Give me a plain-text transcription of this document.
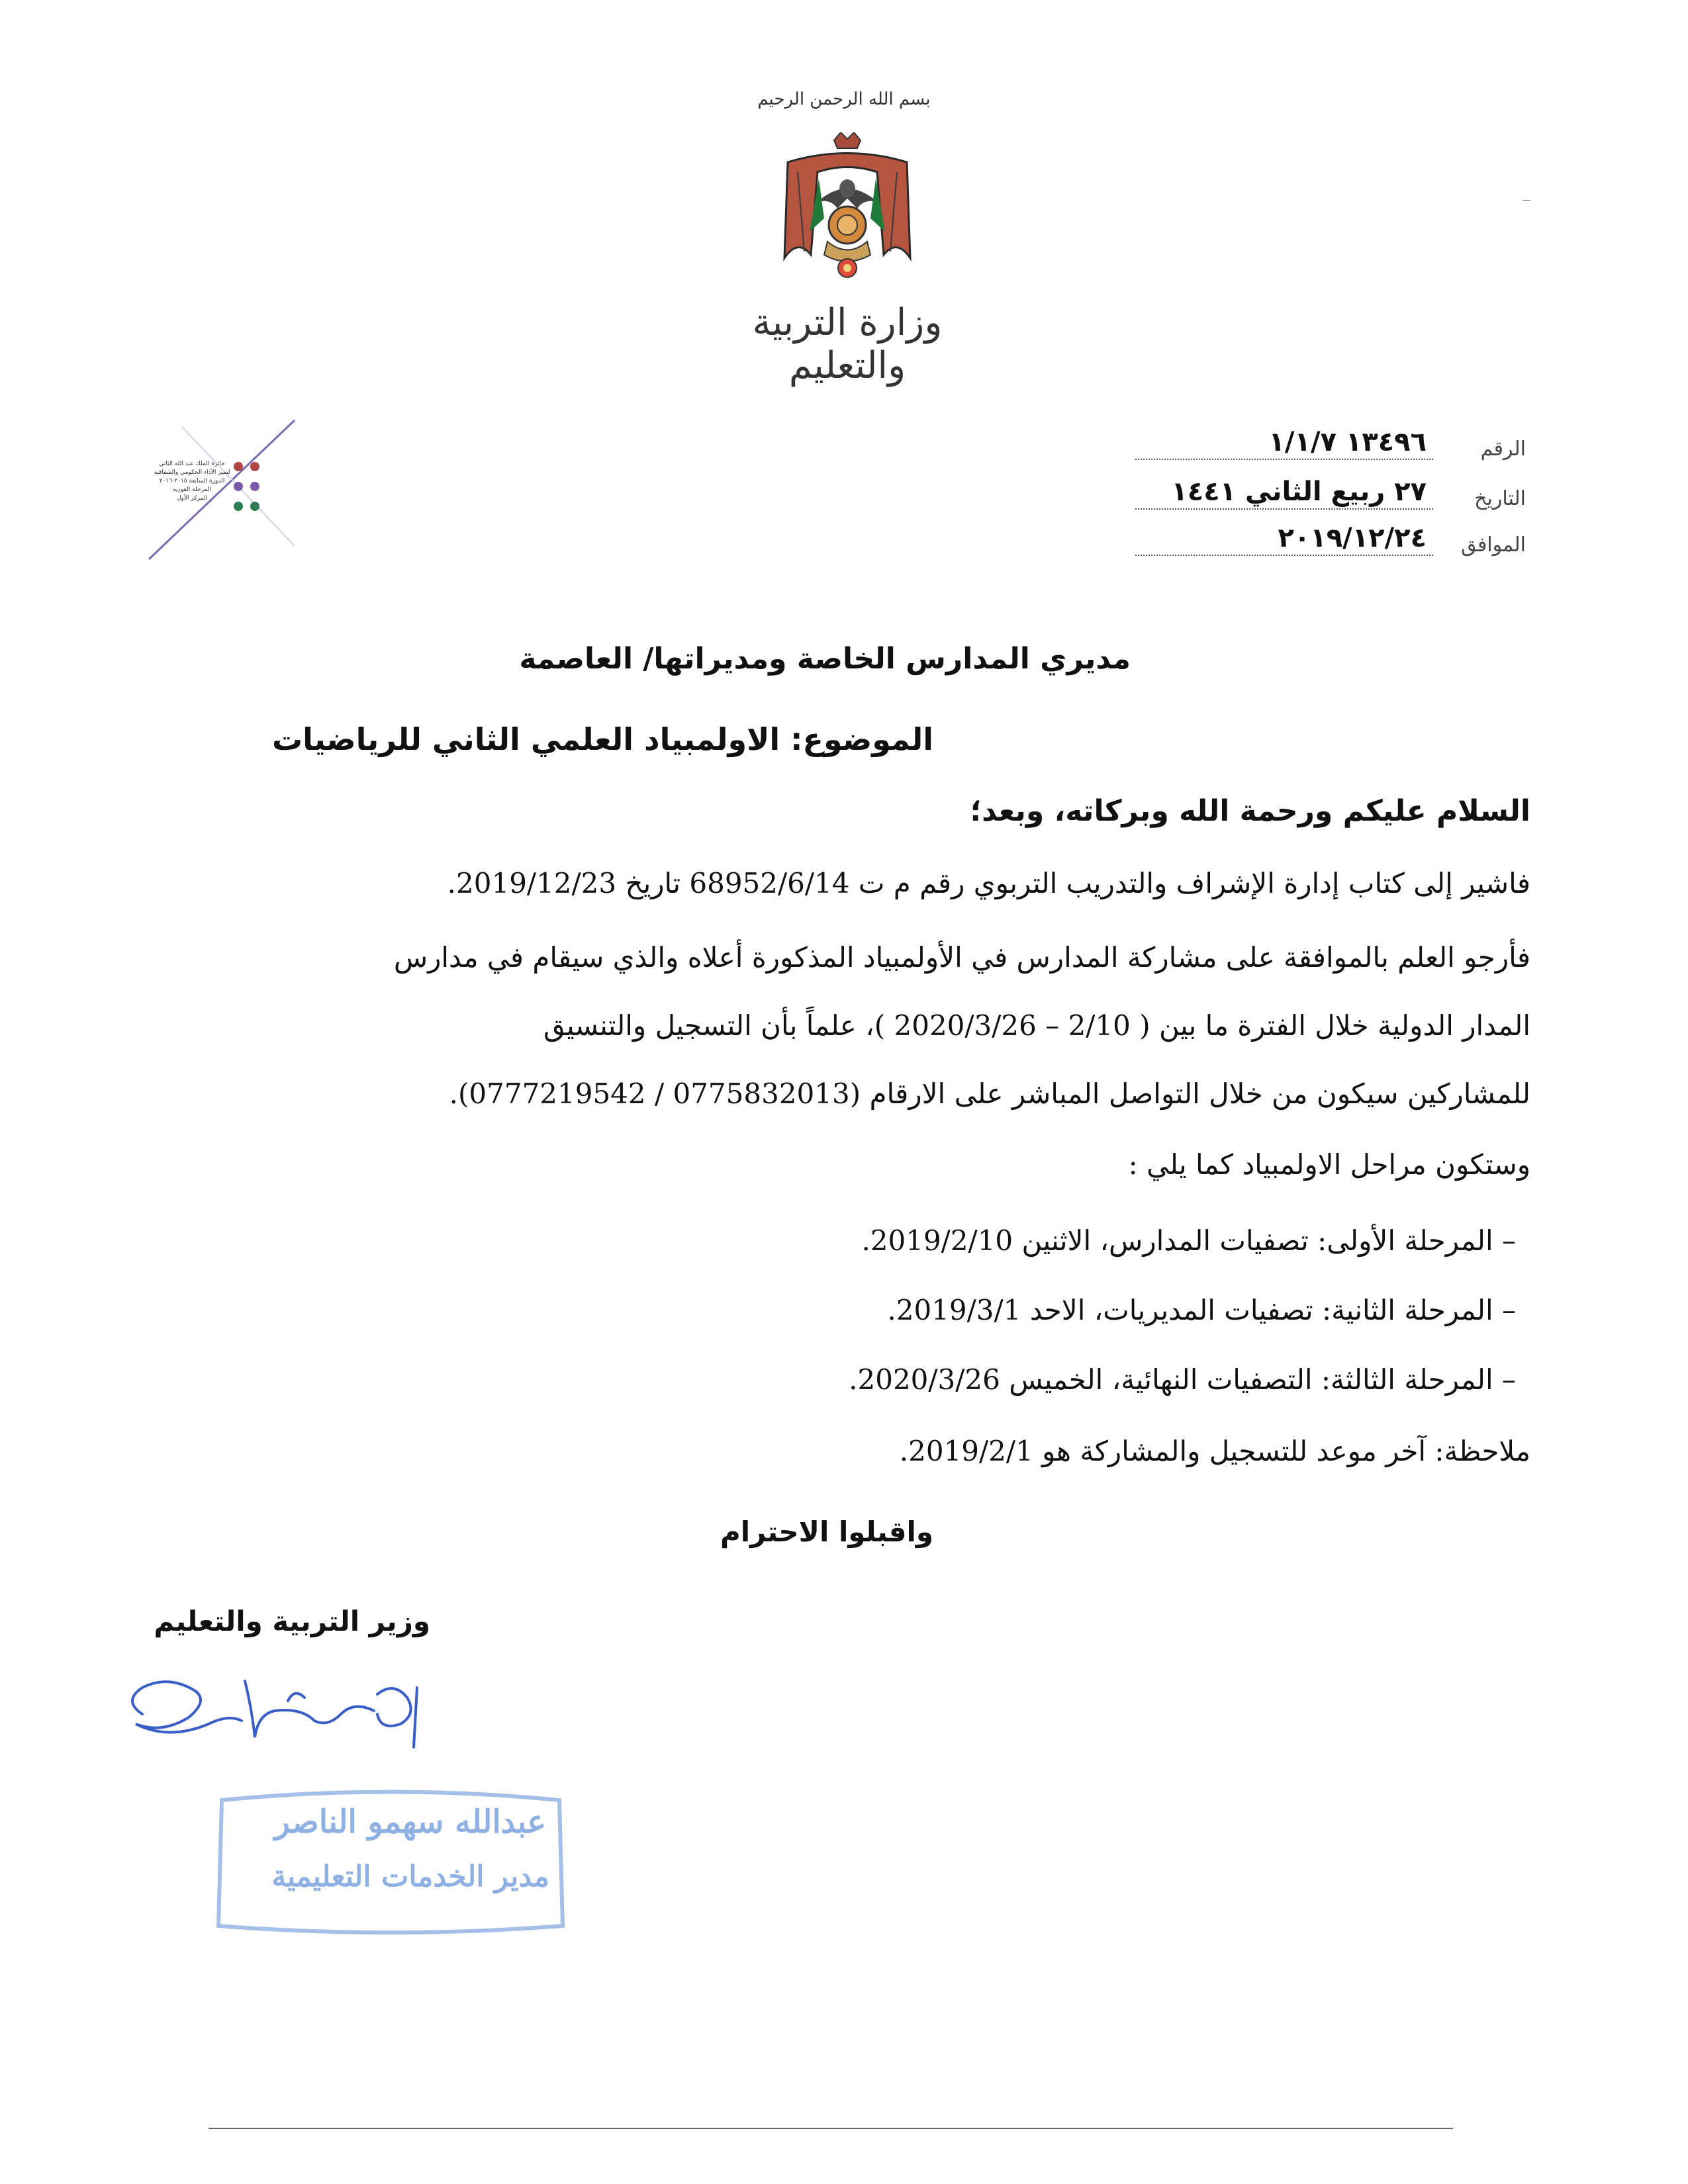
بسم الله الرحمن الرحيم
وزارة التربية والتعليم
جائزة الملك عبد الله الثاني
لتميز الأداء الحكومي والشفافية
الدورة السابعة ٢٠١٥-٢٠١٦
المرحلة الفوزية
المركز الأول
الرقم
١٣٤٩٦ ١/١/٧
التاريخ
٢٧ ربيع الثاني ١٤٤١
الموافق
٢٠١٩/١٢/٢٤
مديري المدارس الخاصة ومديراتها/ العاصمة
الموضوع: الاولمبياد العلمي الثاني للرياضيات
السلام عليكم ورحمة الله وبركاته، وبعد؛
فاشير إلى كتاب إدارة الإشراف والتدريب التربوي رقم م ت 68952/6/14 تاريخ 2019/12/23.
فأرجو العلم بالموافقة على مشاركة المدارس في الأولمبياد المذكورة أعلاه والذي سيقام في مدارس
المدار الدولية خلال الفترة ما بين ( 2/10 – 2020/3/26 )، علماً بأن التسجيل والتنسيق
للمشاركين سيكون من خلال التواصل المباشر على الارقام (0775832013 / 0777219542).
وستكون مراحل الاولمبياد كما يلي :
– المرحلة الأولى: تصفيات المدارس، الاثنين 2019/2/10.
– المرحلة الثانية: تصفيات المديريات، الاحد 2019/3/1.
– المرحلة الثالثة: التصفيات النهائية، الخميس 2020/3/26.
ملاحظة: آخر موعد للتسجيل والمشاركة هو 2019/2/1.
واقبلوا الاحترام
وزير التربية والتعليم
عبدالله سهمو الناصر
مدير الخدمات التعليمية
